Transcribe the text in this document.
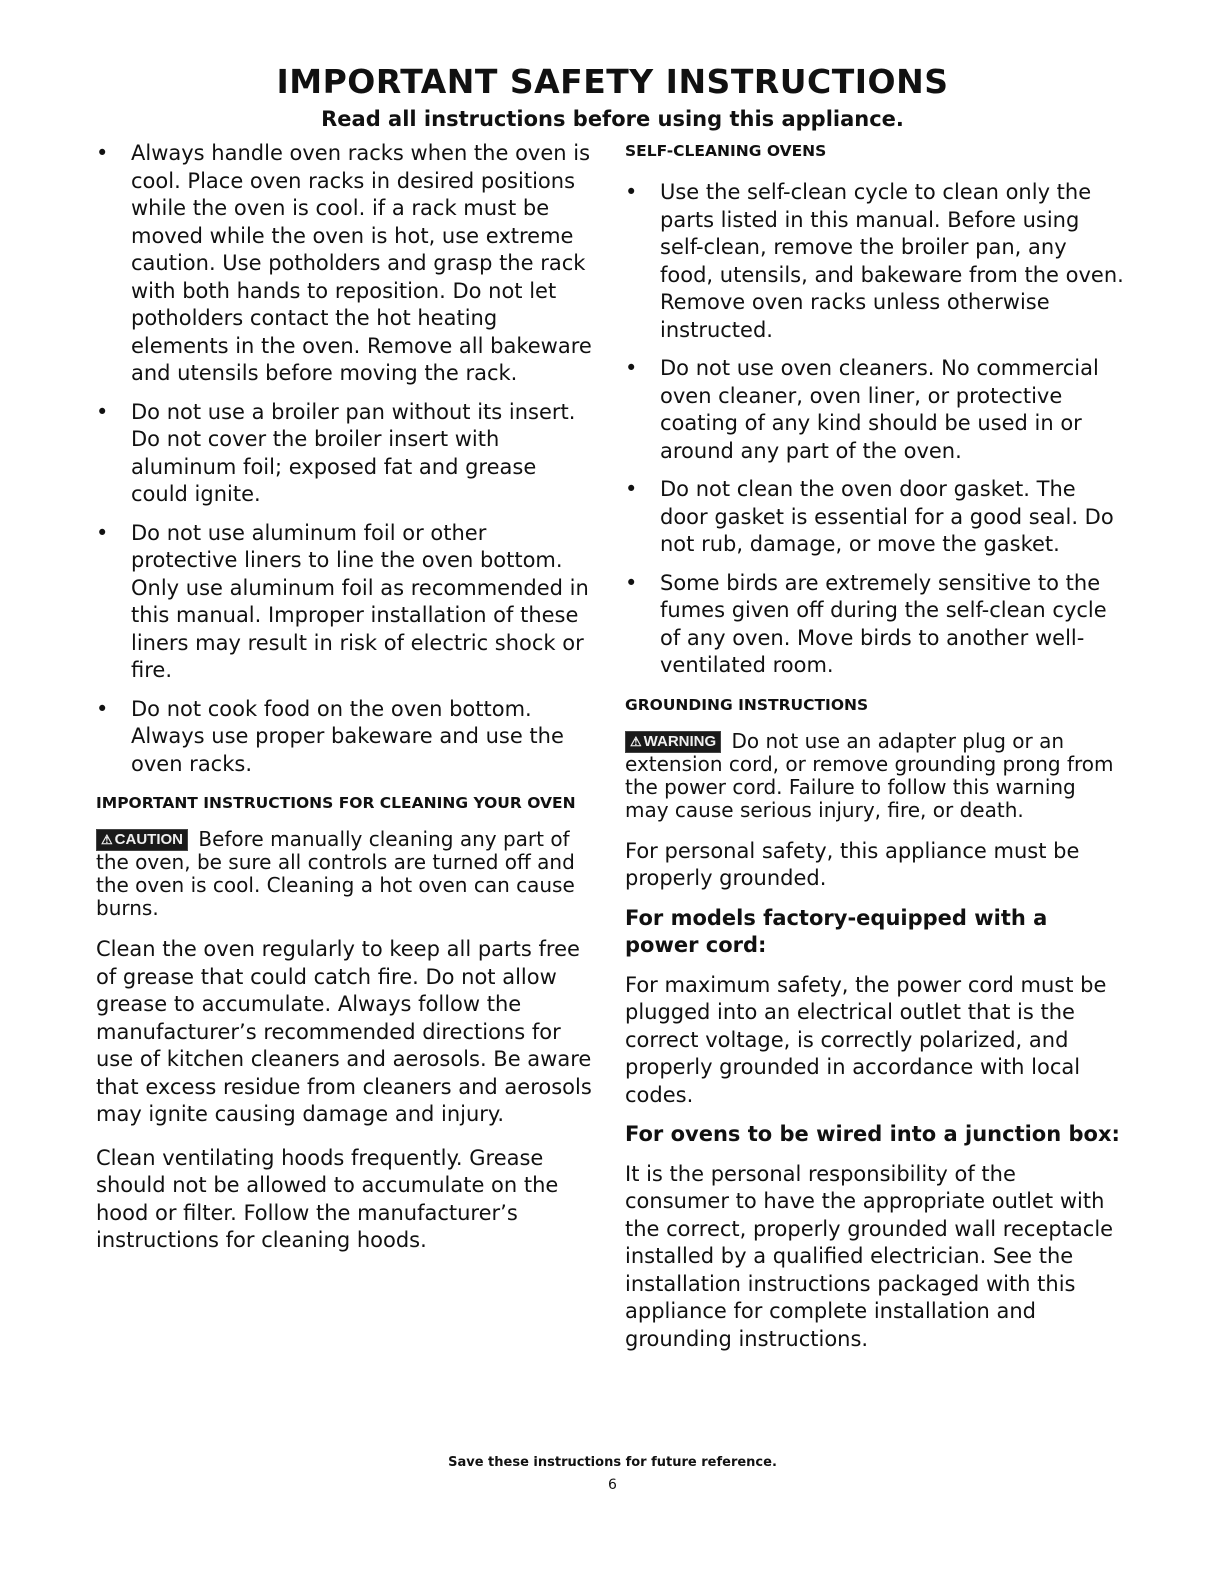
IMPORTANT SAFETY INSTRUCTIONS
Read all instructions before using this appliance.
• Always handle oven racks when the oven is cool. Place oven racks in desired positions while the oven is cool. if a rack must be moved while the oven is hot, use extreme caution. Use potholders and grasp the rack with both hands to reposition. Do not let potholders contact the hot heating elements in the oven. Remove all bakeware and utensils before moving the rack.
• Do not use a broiler pan without its insert. Do not cover the broiler insert with aluminum foil; exposed fat and grease could ignite.
• Do not use aluminum foil or other protective liners to line the oven bottom. Only use aluminum foil as recommended in this manual. Improper installation of these liners may result in risk of electric shock or fire.
• Do not cook food on the oven bottom. Always use proper bakeware and use the oven racks.
IMPORTANT INSTRUCTIONS FOR CLEANING YOUR OVEN

⚠ CAUTION Before manually cleaning any part of the oven, be sure all controls are turned off and the oven is cool. Cleaning a hot oven can cause burns.

Clean the oven regularly to keep all parts free of grease that could catch fire. Do not allow grease to accumulate. Always follow the manufacturer’s recommended directions for use of kitchen cleaners and aerosols. Be aware that excess residue from cleaners and aerosols may ignite causing damage and injury.

Clean ventilating hoods frequently. Grease should not be allowed to accumulate on the hood or filter. Follow the manufacturer’s instructions for cleaning hoods.

SELF-CLEANING OVENS
• Use the self-clean cycle to clean only the parts listed in this manual. Before using self-clean, remove the broiler pan, any food, utensils, and bakeware from the oven. Remove oven racks unless otherwise instructed.
• Do not use oven cleaners. No commercial oven cleaner, oven liner, or protective coating of any kind should be used in or around any part of the oven.
• Do not clean the oven door gasket. The door gasket is essential for a good seal. Do not rub, damage, or move the gasket.
• Some birds are extremely sensitive to the fumes given off during the self-clean cycle of any oven. Move birds to another well-ventilated room.
GROUNDING INSTRUCTIONS

⚠ WARNING Do not use an adapter plug or an extension cord, or remove grounding prong from the power cord. Failure to follow this warning may cause serious injury, fire, or death.

For personal safety, this appliance must be properly grounded.

For models factory-equipped with a power cord:

For maximum safety, the power cord must be plugged into an electrical outlet that is the correct voltage, is correctly polarized, and properly grounded in accordance with local codes.

For ovens to be wired into a junction box:

It is the personal responsibility of the consumer to have the appropriate outlet with the correct, properly grounded wall receptacle installed by a qualified electrician. See the installation instructions packaged with this appliance for complete installation and grounding instructions.

Save these instructions for future reference.
6
